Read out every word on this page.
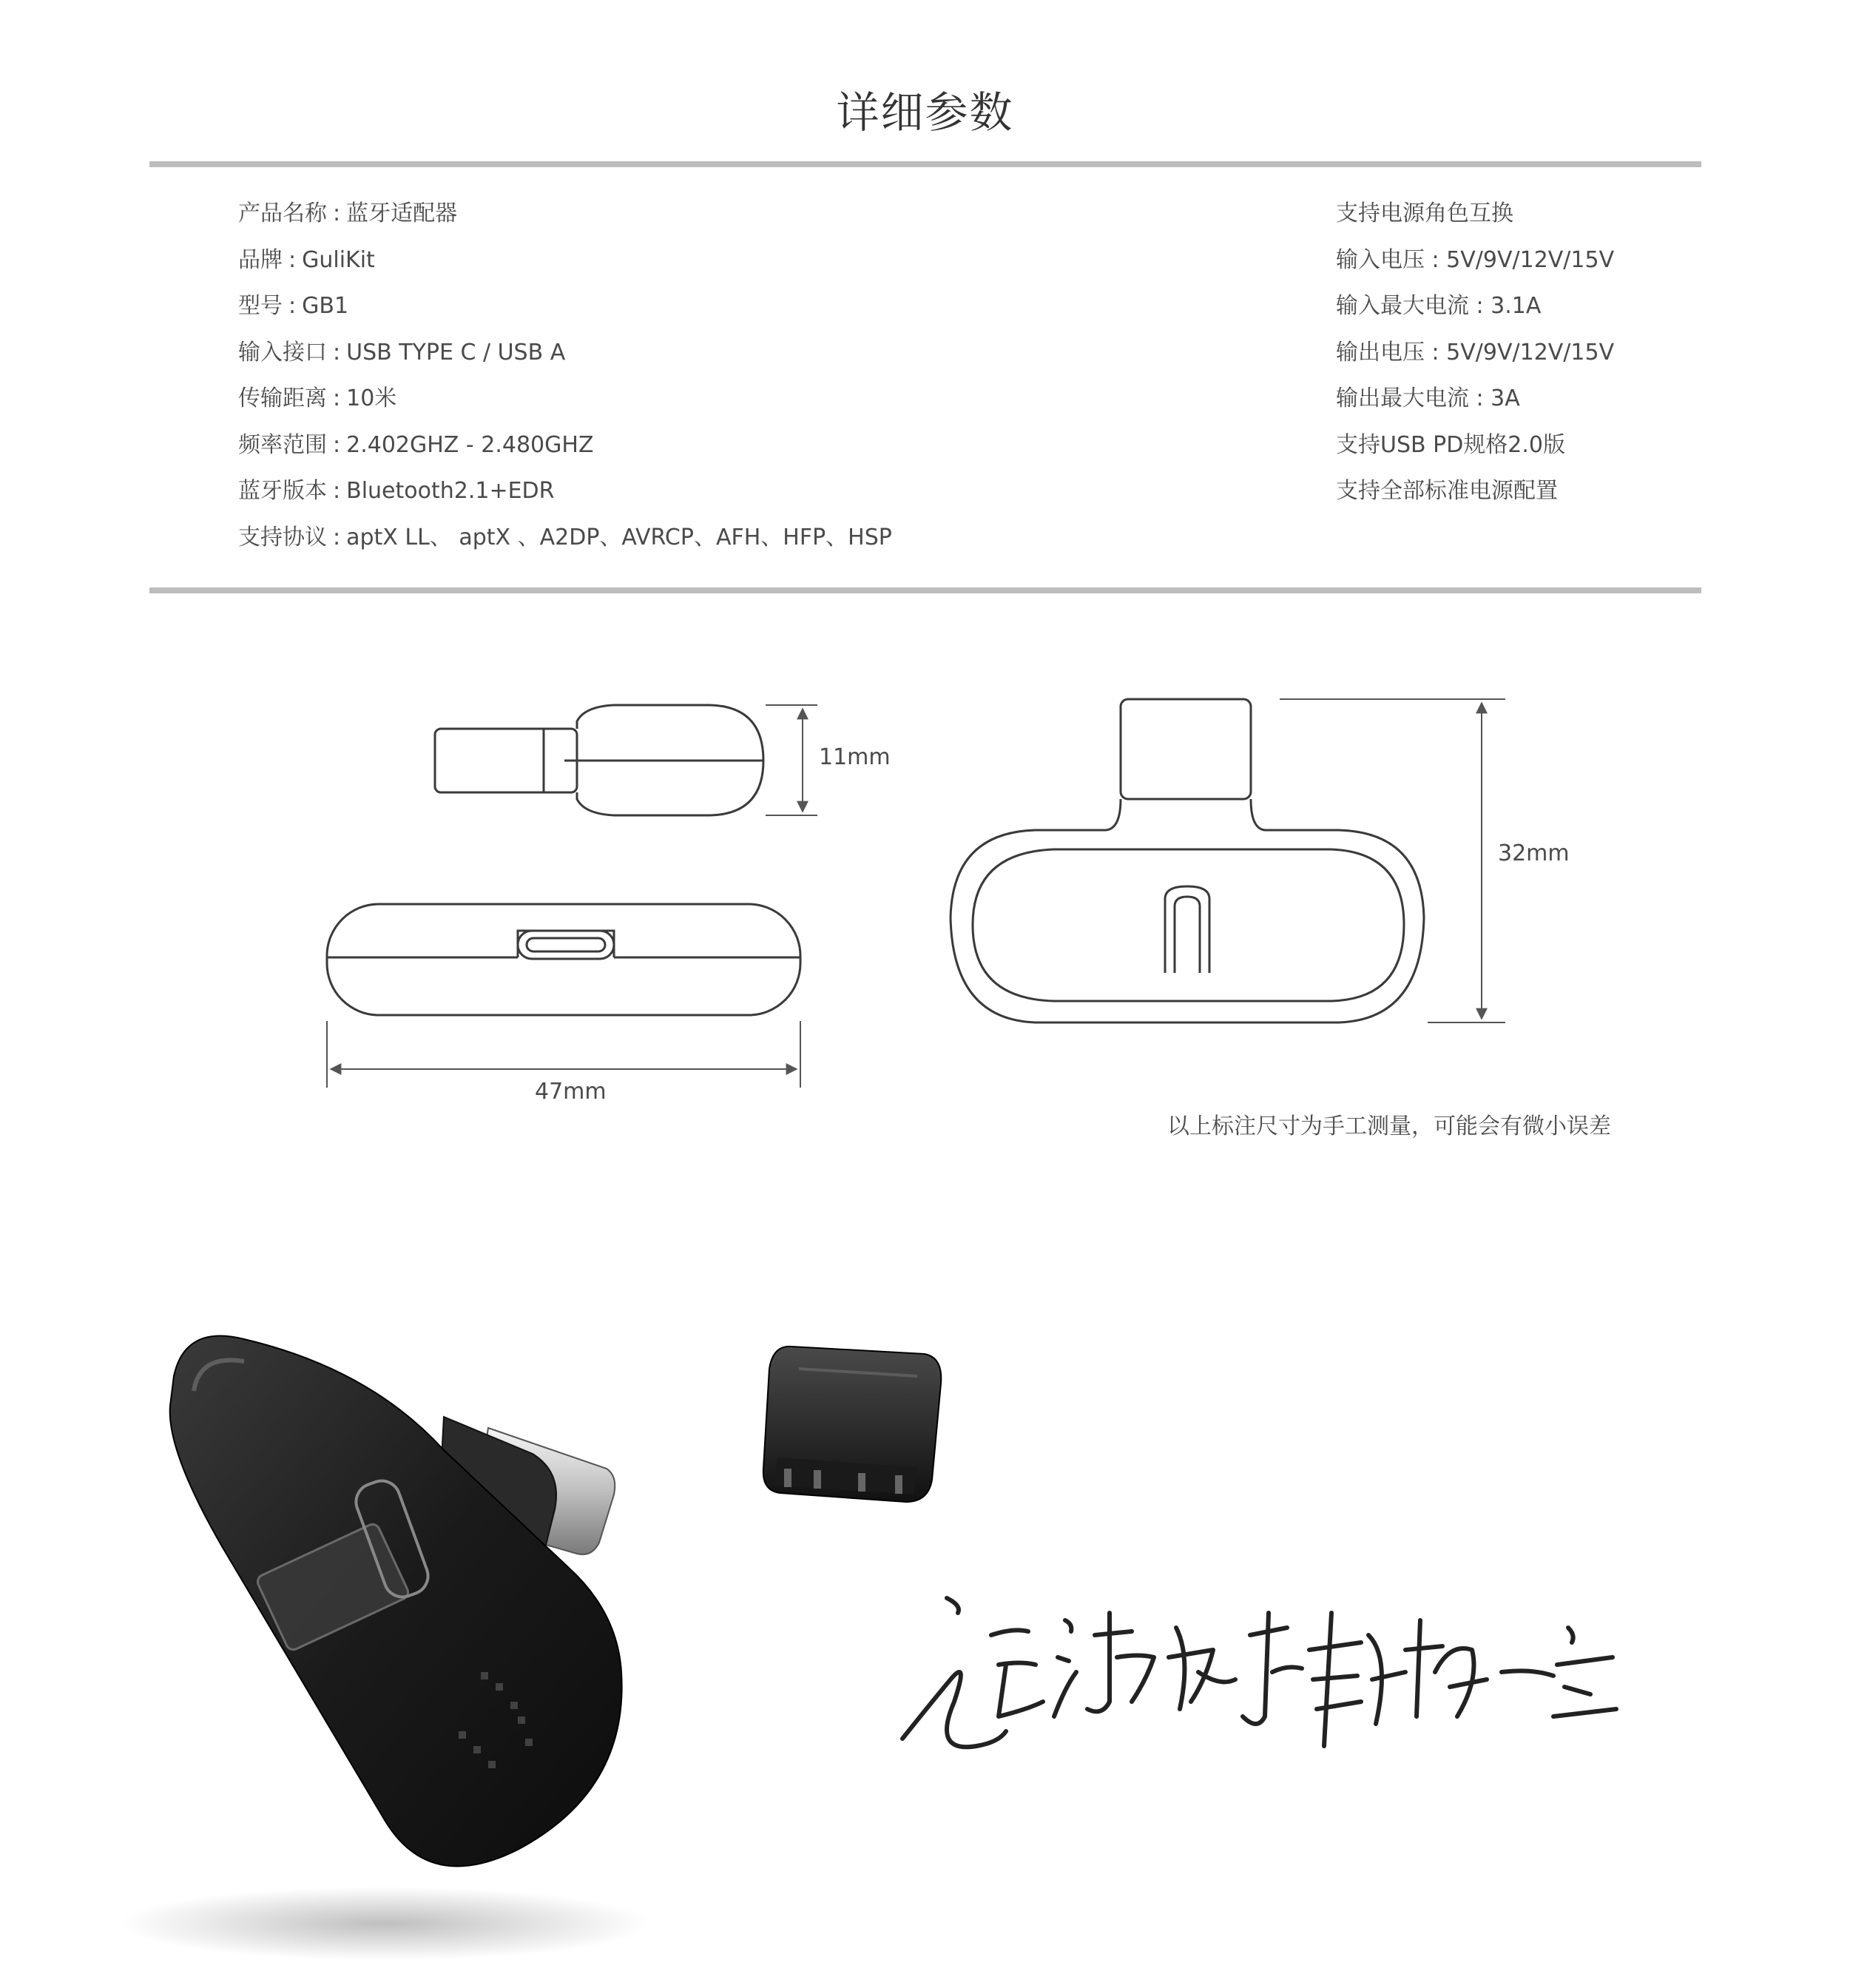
详细参数
产品名称 : 蓝牙适配器
品牌 : GuliKit
型号 : GB1
输入接口 : USB TYPE C / USB A
传输距离 : 10米
频率范围 : 2.402GHZ - 2.480GHZ
蓝牙版本 : Bluetooth2.1+EDR
支持协议 : aptX LL、 aptX 、A2DP、AVRCP、AFH、HFP、HSP
支持电源角色互换
输入电压 : 5V/9V/12V/15V
输入最大电流 : 3.1A
输出电压 : 5V/9V/12V/15V
输出最大电流 : 3A
支持USB PD规格2.0版
支持全部标准电源配置
11mm
47mm
32mm
以上标注尺寸为手工测量，可能会有微小误差
